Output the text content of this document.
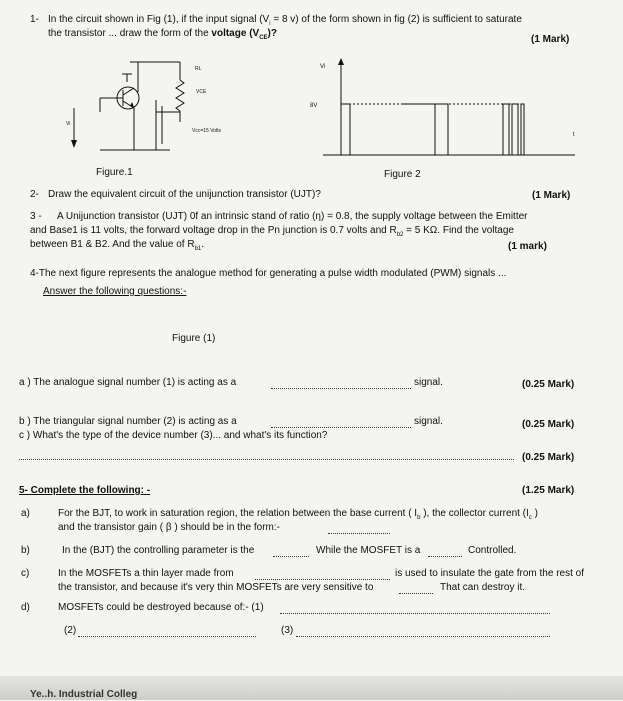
1- In the circuit shown in Fig (1), if the input signal ($V_i = 8$ v) of the form shown in fig (2) is sufficient to saturate
the transistor ... draw the form of the voltage $(V_{CE})$?
(1 Mark)
RL
VCE
Vi
Vcc=15 Volts
Figure.1
Vi
8V
t
Figure 2
2- Draw the equivalent circuit of the unijunction transistor (UJT)?	(1 Mark)
3 - A Unijunction transistor (UJT) 0f an intrinsic stand of ratio (η) = 0.8, the supply voltage between the Emitter
and Base1 is 11 volts, the forward voltage drop in the Pn junction is 0.7 volts and $R_{b2} = 5$ KΩ. Find the voltage
between B1 & B2. And the value of $R_{b1}$.	(1 mark)
4-The next figure represents the analogue method for generating a pulse width modulated (PWM) signals ...
Answer the following questions:-
Figure (1)
a ) The analogue signal number (1) is acting as a	signal.	(0.25 Mark)
b ) The triangular signal number (2) is acting as a	signal.	(0.25 Mark)
c ) What's the type of the device number (3)... and what's its function?
(0.25 Mark)
5- Complete the following: -	(1.25 Mark)
a)	For the BJT, to work in saturation region, the relation between the base current ( $I_b$ ), the collector current ($I_c$ )
and the transistor gain ( β ) should be in the form:-
b)	In the (BJT) the controlling parameter is the	While the MOSFET is a	Controlled.
c)	In the MOSFETs a thin layer made from	is used to insulate the gate from the rest of
the transistor, and because it's very thin MOSFETs are very sensitive to	That can destroy it.
d)	MOSFETs could be destroyed because of:- (1)
(2)	(3)
Ye..h. Industrial Colleg
